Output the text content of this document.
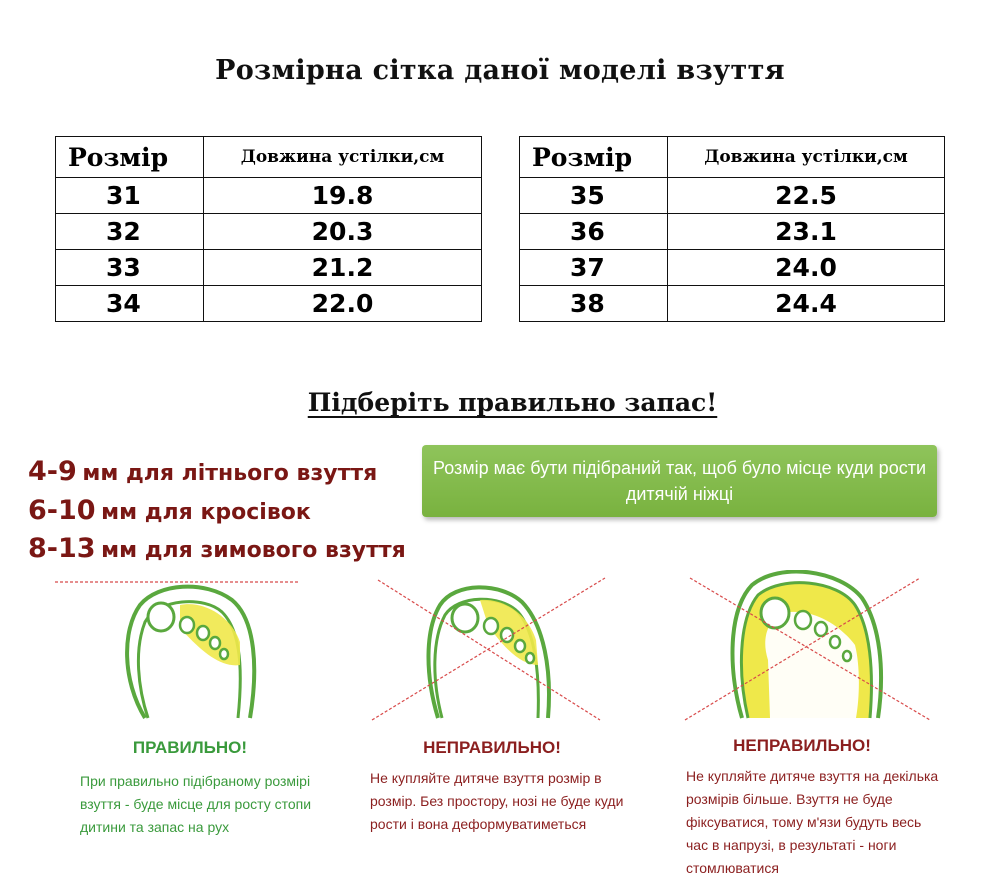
Розмірна сітка даної моделі взуття
Розмір	Довжина устілки,см
31	19.8
32	20.3
33	21.2
34	22.0
Розмір	Довжина устілки,см
35	22.5
36	23.1
37	24.0
38	24.4
Підберіть правильно запас!
4-9 мм для літнього взуття
6-10 мм для кросівок
8-13 мм для зимового взуття
Розмір має бути підібраний так, щоб було місце куди рости дитячій ніжці
ПРАВИЛЬНО!	НЕПРАВИЛЬНО!	НЕПРАВИЛЬНО!
При правильно підібраному розмірі взуття - буде місце для росту стопи дитини та запас на рух
Не купляйте дитяче взуття розмір в розмір. Без простору, нозі не буде куди рости і вона деформуватиметься
Не купляйте дитяче взуття на декілька розмірів більше. Взуття не буде фіксуватися, тому м'язи будуть весь час в напрузі, в результаті - ноги стомлюватися
